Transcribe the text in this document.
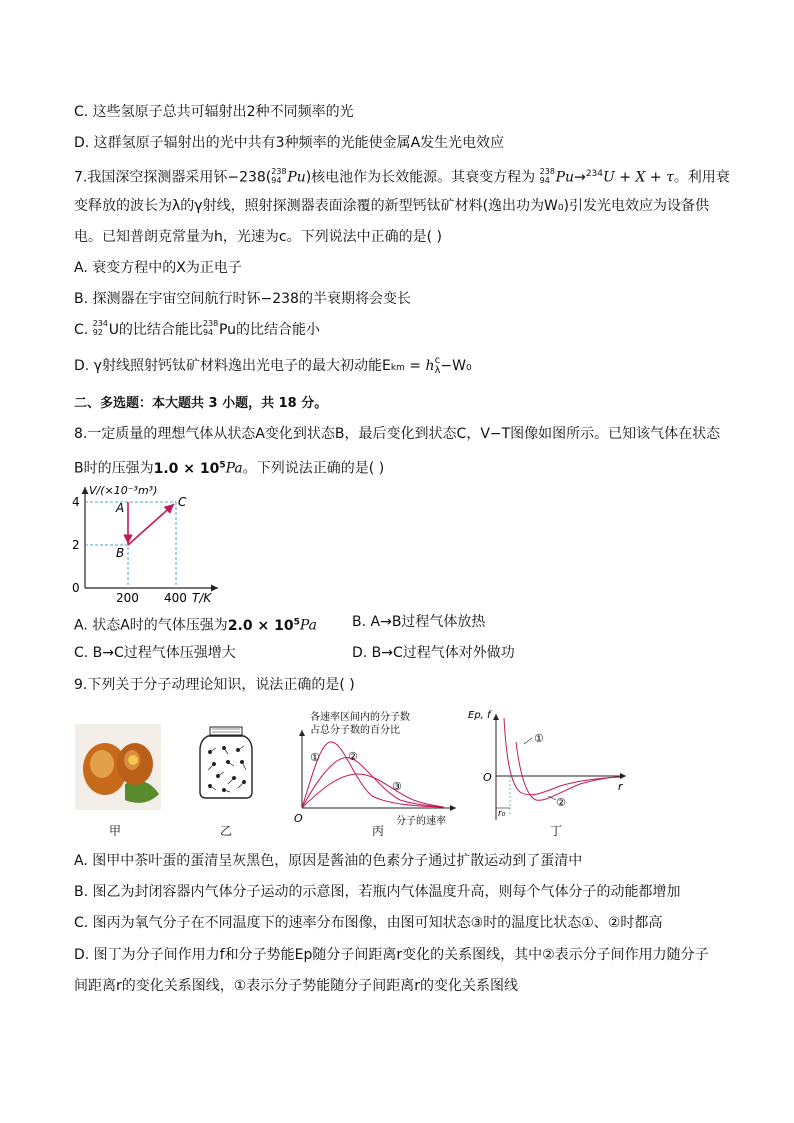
C. 这些氢原子总共可辐射出2种不同频率的光
D. 这群氢原子辐射出的光中共有3种频率的光能使金属A发生光电效应
7.我国深空探测器采用钚−238( 238
94 Pu)核电池作为长效能源。其衰变方程为 238
94 Pu→$^{234}$U + X + τ。利用衰
变释放的波长为λ的γ射线，照射探测器表面涂覆的新型钙钛矿材料(逸出功为W₀)引发光电效应为设备供
电。已知普朗克常量为h，光速为c。下列说法中正确的是( )
A. 衰变方程中的X为正电子
B. 探测器在宇宙空间航行时钚−238的半衰期将会变长
C. 234
92 U的比结合能比 238
94 Pu的比结合能小
D. γ射线照射钙钛矿材料逸出光电子的最大初动能Ekm = h c
λ −W₀
二、多选题：本大题共 3 小题，共 18 分。
8.一定质量的理想气体从状态A变化到状态B，最后变化到状态C，V−T图像如图所示。已知该气体在状态
B时的压强为$1.0 \times 10^5Pa$。下列说法正确的是( )
4
2
0
200 400 T/K
V/(×10⁻³m³)
A
B
C
A. 状态A时的气体压强为$2.0 \times 10^5Pa$	B. A→B过程气体放热
C. B→C过程气体压强增大	D. B→C过程气体对外做功
9.下列关于分子动理论知识，说法正确的是( )
甲	乙
各速率区间内的分子数
占总分子数的百分比
①	②
③
O	分子的速率
丙
Ep, f
r
O
①
②
r₀
丁
A. 图甲中茶叶蛋的蛋清呈灰黑色，原因是酱油的色素分子通过扩散运动到了蛋清中
B. 图乙为封闭容器内气体分子运动的示意图，若瓶内气体温度升高，则每个气体分子的动能都增加
C. 图丙为氧气分子在不同温度下的速率分布图像，由图可知状态③时的温度比状态①、②时都高
D. 图丁为分子间作用力f和分子势能Ep随分子间距离r变化的关系图线，其中②表示分子间作用力随分子
间距离r的变化关系图线，①表示分子势能随分子间距离r的变化关系图线
